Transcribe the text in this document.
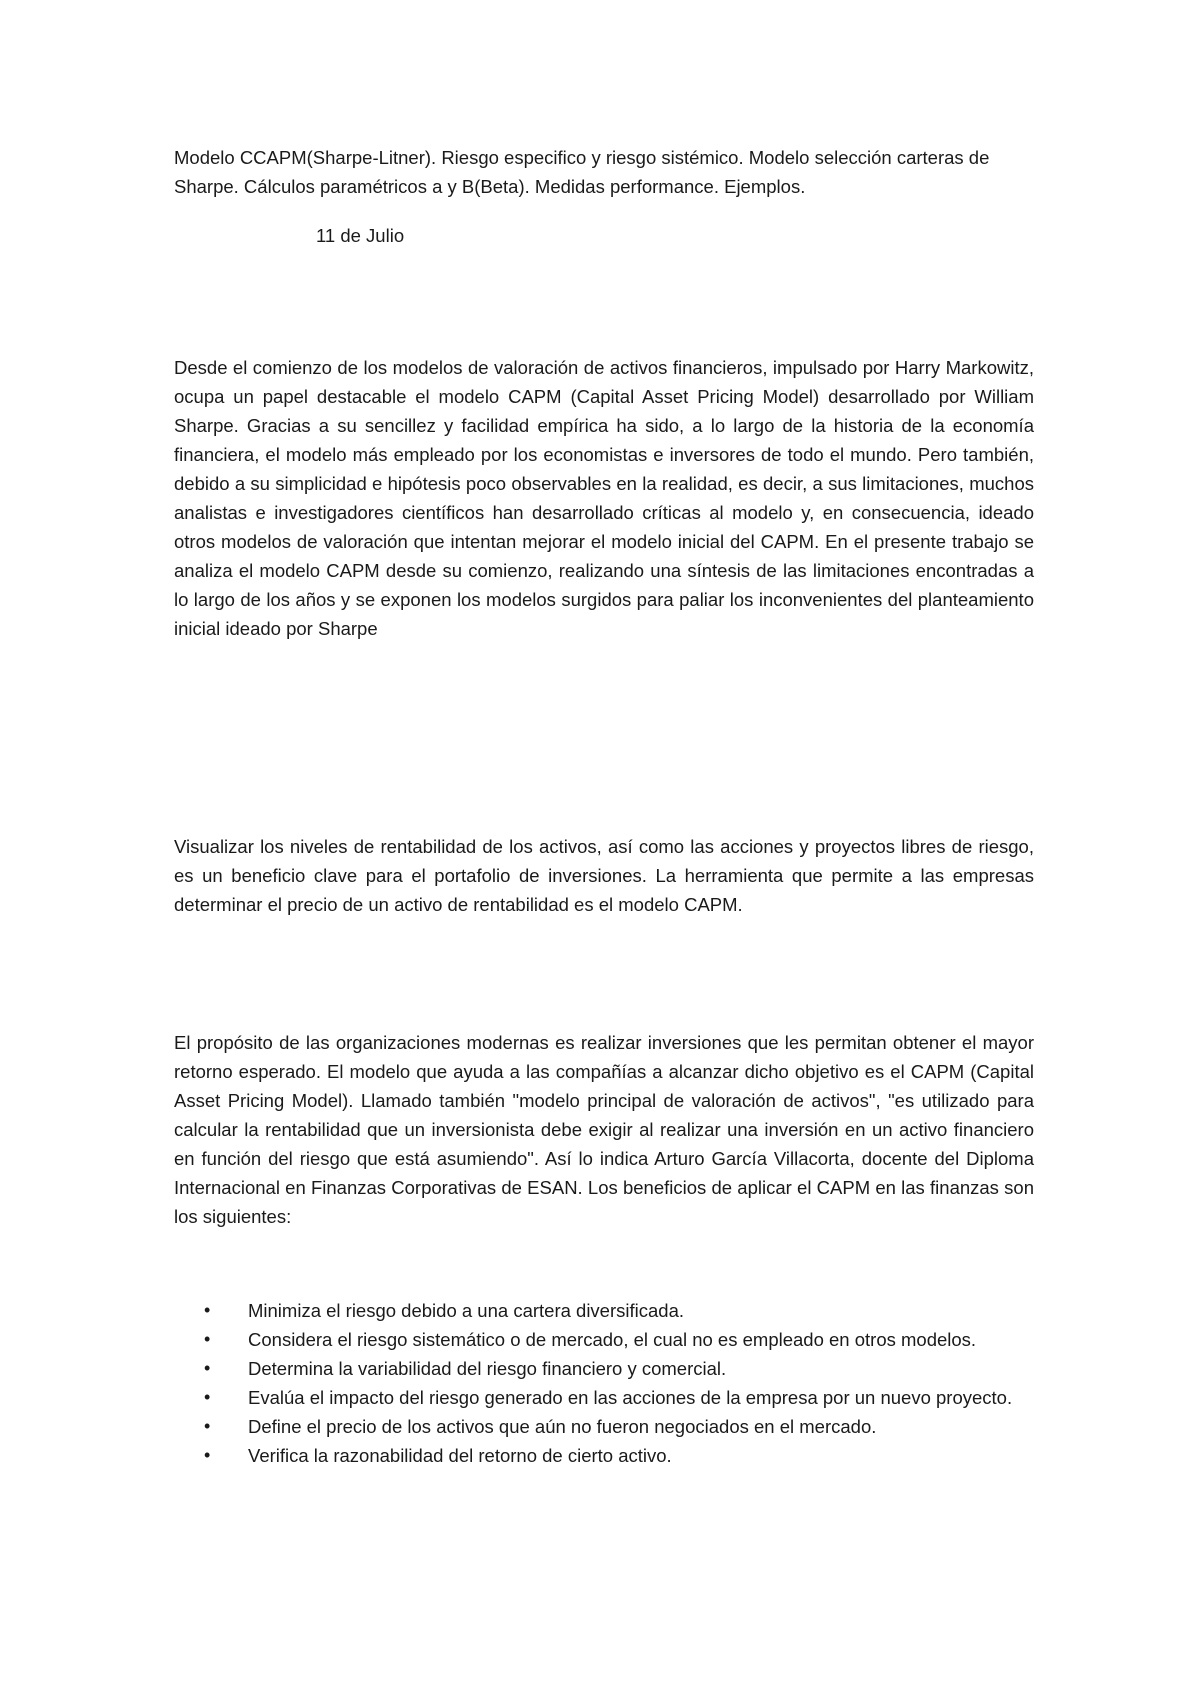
Modelo CCAPM(Sharpe-Litner). Riesgo especifico y riesgo sistémico. Modelo selección carteras de Sharpe. Cálculos paramétricos a y B(Beta). Medidas performance. Ejemplos.
11 de Julio
Desde el comienzo de los modelos de valoración de activos financieros, impulsado por Harry Markowitz, ocupa un papel destacable el modelo CAPM (Capital Asset Pricing Model) desarrollado por William Sharpe. Gracias a su sencillez y facilidad empírica ha sido, a lo largo de la historia de la economía financiera, el modelo más empleado por los economistas e inversores de todo el mundo. Pero también, debido a su simplicidad e hipótesis poco observables en la realidad, es decir, a sus limitaciones, muchos analistas e investigadores científicos han desarrollado críticas al modelo y, en consecuencia, ideado otros modelos de valoración que intentan mejorar el modelo inicial del CAPM. En el presente trabajo se analiza el modelo CAPM desde su comienzo, realizando una síntesis de las limitaciones encontradas a lo largo de los años y se exponen los modelos surgidos para paliar los inconvenientes del planteamiento inicial ideado por Sharpe
Visualizar los niveles de rentabilidad de los activos, así como las acciones y proyectos libres de riesgo, es un beneficio clave para el portafolio de inversiones. La herramienta que permite a las empresas determinar el precio de un activo de rentabilidad es el modelo CAPM.
El propósito de las organizaciones modernas es realizar inversiones que les permitan obtener el mayor retorno esperado. El modelo que ayuda a las compañías a alcanzar dicho objetivo es el CAPM (Capital Asset Pricing Model). Llamado también "modelo principal de valoración de activos", "es utilizado para calcular la rentabilidad que un inversionista debe exigir al realizar una inversión en un activo financiero en función del riesgo que está asumiendo". Así lo indica Arturo García Villacorta, docente del Diploma Internacional en Finanzas Corporativas de ESAN. Los beneficios de aplicar el CAPM en las finanzas son los siguientes:
• Minimiza el riesgo debido a una cartera diversificada.
• Considera el riesgo sistemático o de mercado, el cual no es empleado en otros modelos.
• Determina la variabilidad del riesgo financiero y comercial.
• Evalúa el impacto del riesgo generado en las acciones de la empresa por un nuevo proyecto.
• Define el precio de los activos que aún no fueron negociados en el mercado.
• Verifica la razonabilidad del retorno de cierto activo.
